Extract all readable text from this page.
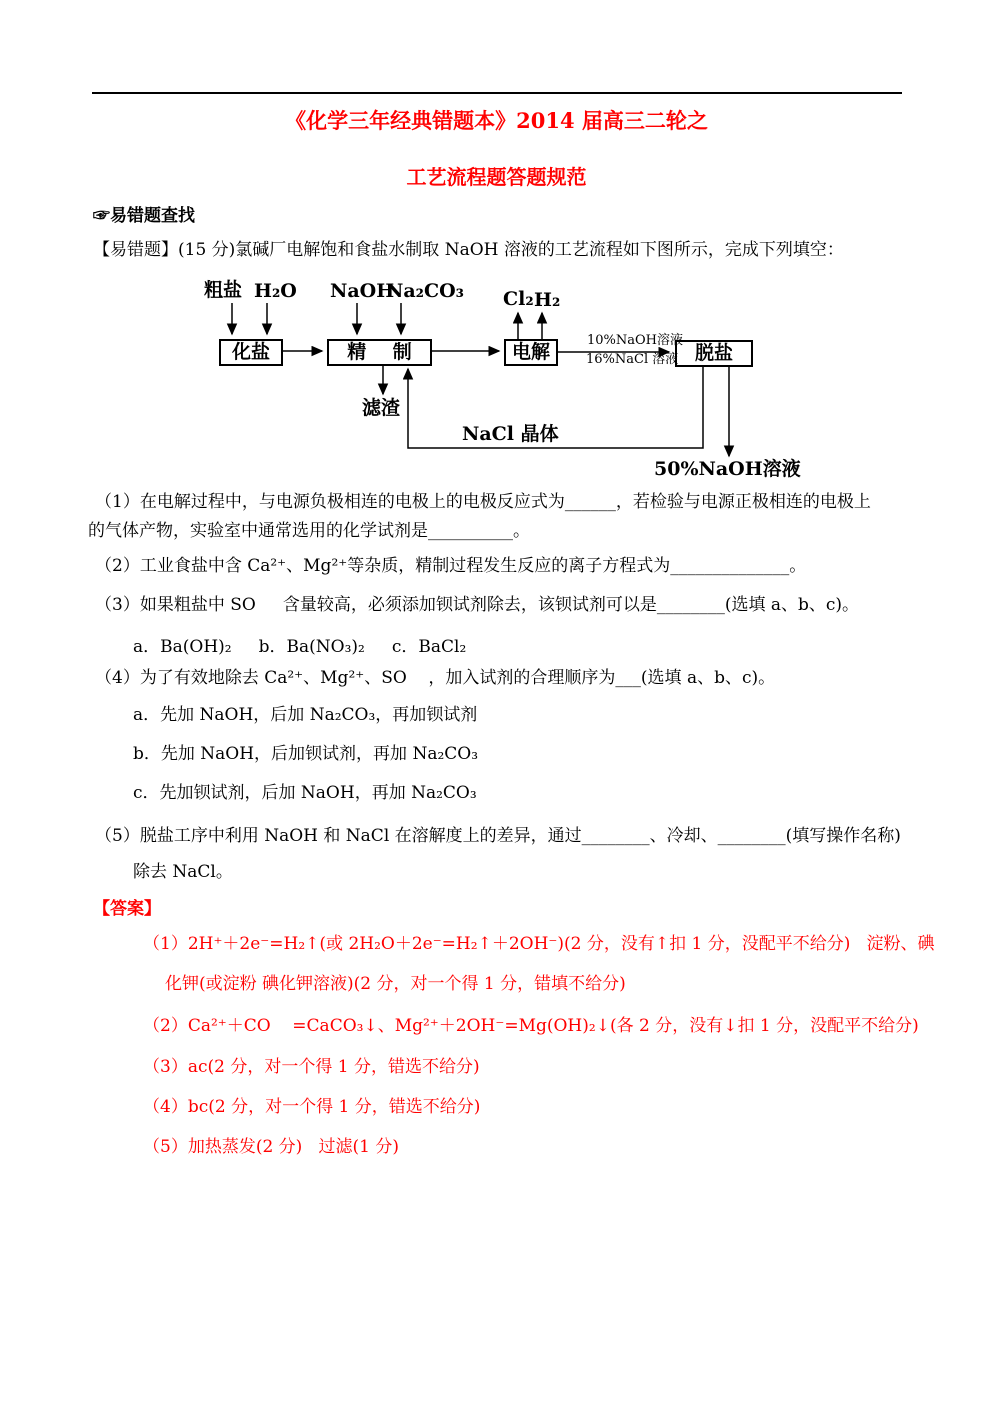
《化学三年经典错题本》2014 届高三二轮之
工艺流程题答题规范
☞易错题查找
【易错题】(15 分)氯碱厂电解饱和食盐水制取 NaOH 溶液的工艺流程如下图所示，完成下列填空：
化盐	精    制	电解	脱盐
粗盐 H₂O NaOH
Na₂CO₃ Cl₂ H₂
滤渣
NaCl 晶体
10%NaOH溶液
16%NaCl 溶液
50%NaOH溶液
（1）在电解过程中，与电源负极相连的电极上的电极反应式为______，若检验与电源正极相连的电极上
的气体产物，实验室中通常选用的化学试剂是__________。
（2）工业食盐中含 Ca²⁺、Mg²⁺等杂质，精制过程发生反应的离子方程式为______________。
（3）如果粗盐中 SO     含量较高，必须添加钡试剂除去，该钡试剂可以是________(选填 a、b、c)。
a．Ba(OH)₂     b．Ba(NO₃)₂     c．BaCl₂
（4）为了有效地除去 Ca²⁺、Mg²⁺、SO    ，加入试剂的合理顺序为___(选填 a、b、c)。
a．先加 NaOH，后加 Na₂CO₃，再加钡试剂
b．先加 NaOH，后加钡试剂，再加 Na₂CO₃
c．先加钡试剂，后加 NaOH，再加 Na₂CO₃
（5）脱盐工序中利用 NaOH 和 NaCl 在溶解度上的差异，通过________、冷却、________(填写操作名称)
除去 NaCl。
【答案】
（1）2H⁺＋2e⁻=H₂↑(或 2H₂O＋2e⁻=H₂↑＋2OH⁻)(2 分，没有↑扣 1 分，没配平不给分)   淀粉、碘
化钾(或淀粉 碘化钾溶液)(2 分，对一个得 1 分，错填不给分)
（2）Ca²⁺＋CO    =CaCO₃↓、Mg²⁺＋2OH⁻=Mg(OH)₂↓(各 2 分，没有↓扣 1 分，没配平不给分)
（3）ac(2 分，对一个得 1 分，错选不给分)
（4）bc(2 分，对一个得 1 分，错选不给分)
（5）加热蒸发(2 分)   过滤(1 分)
